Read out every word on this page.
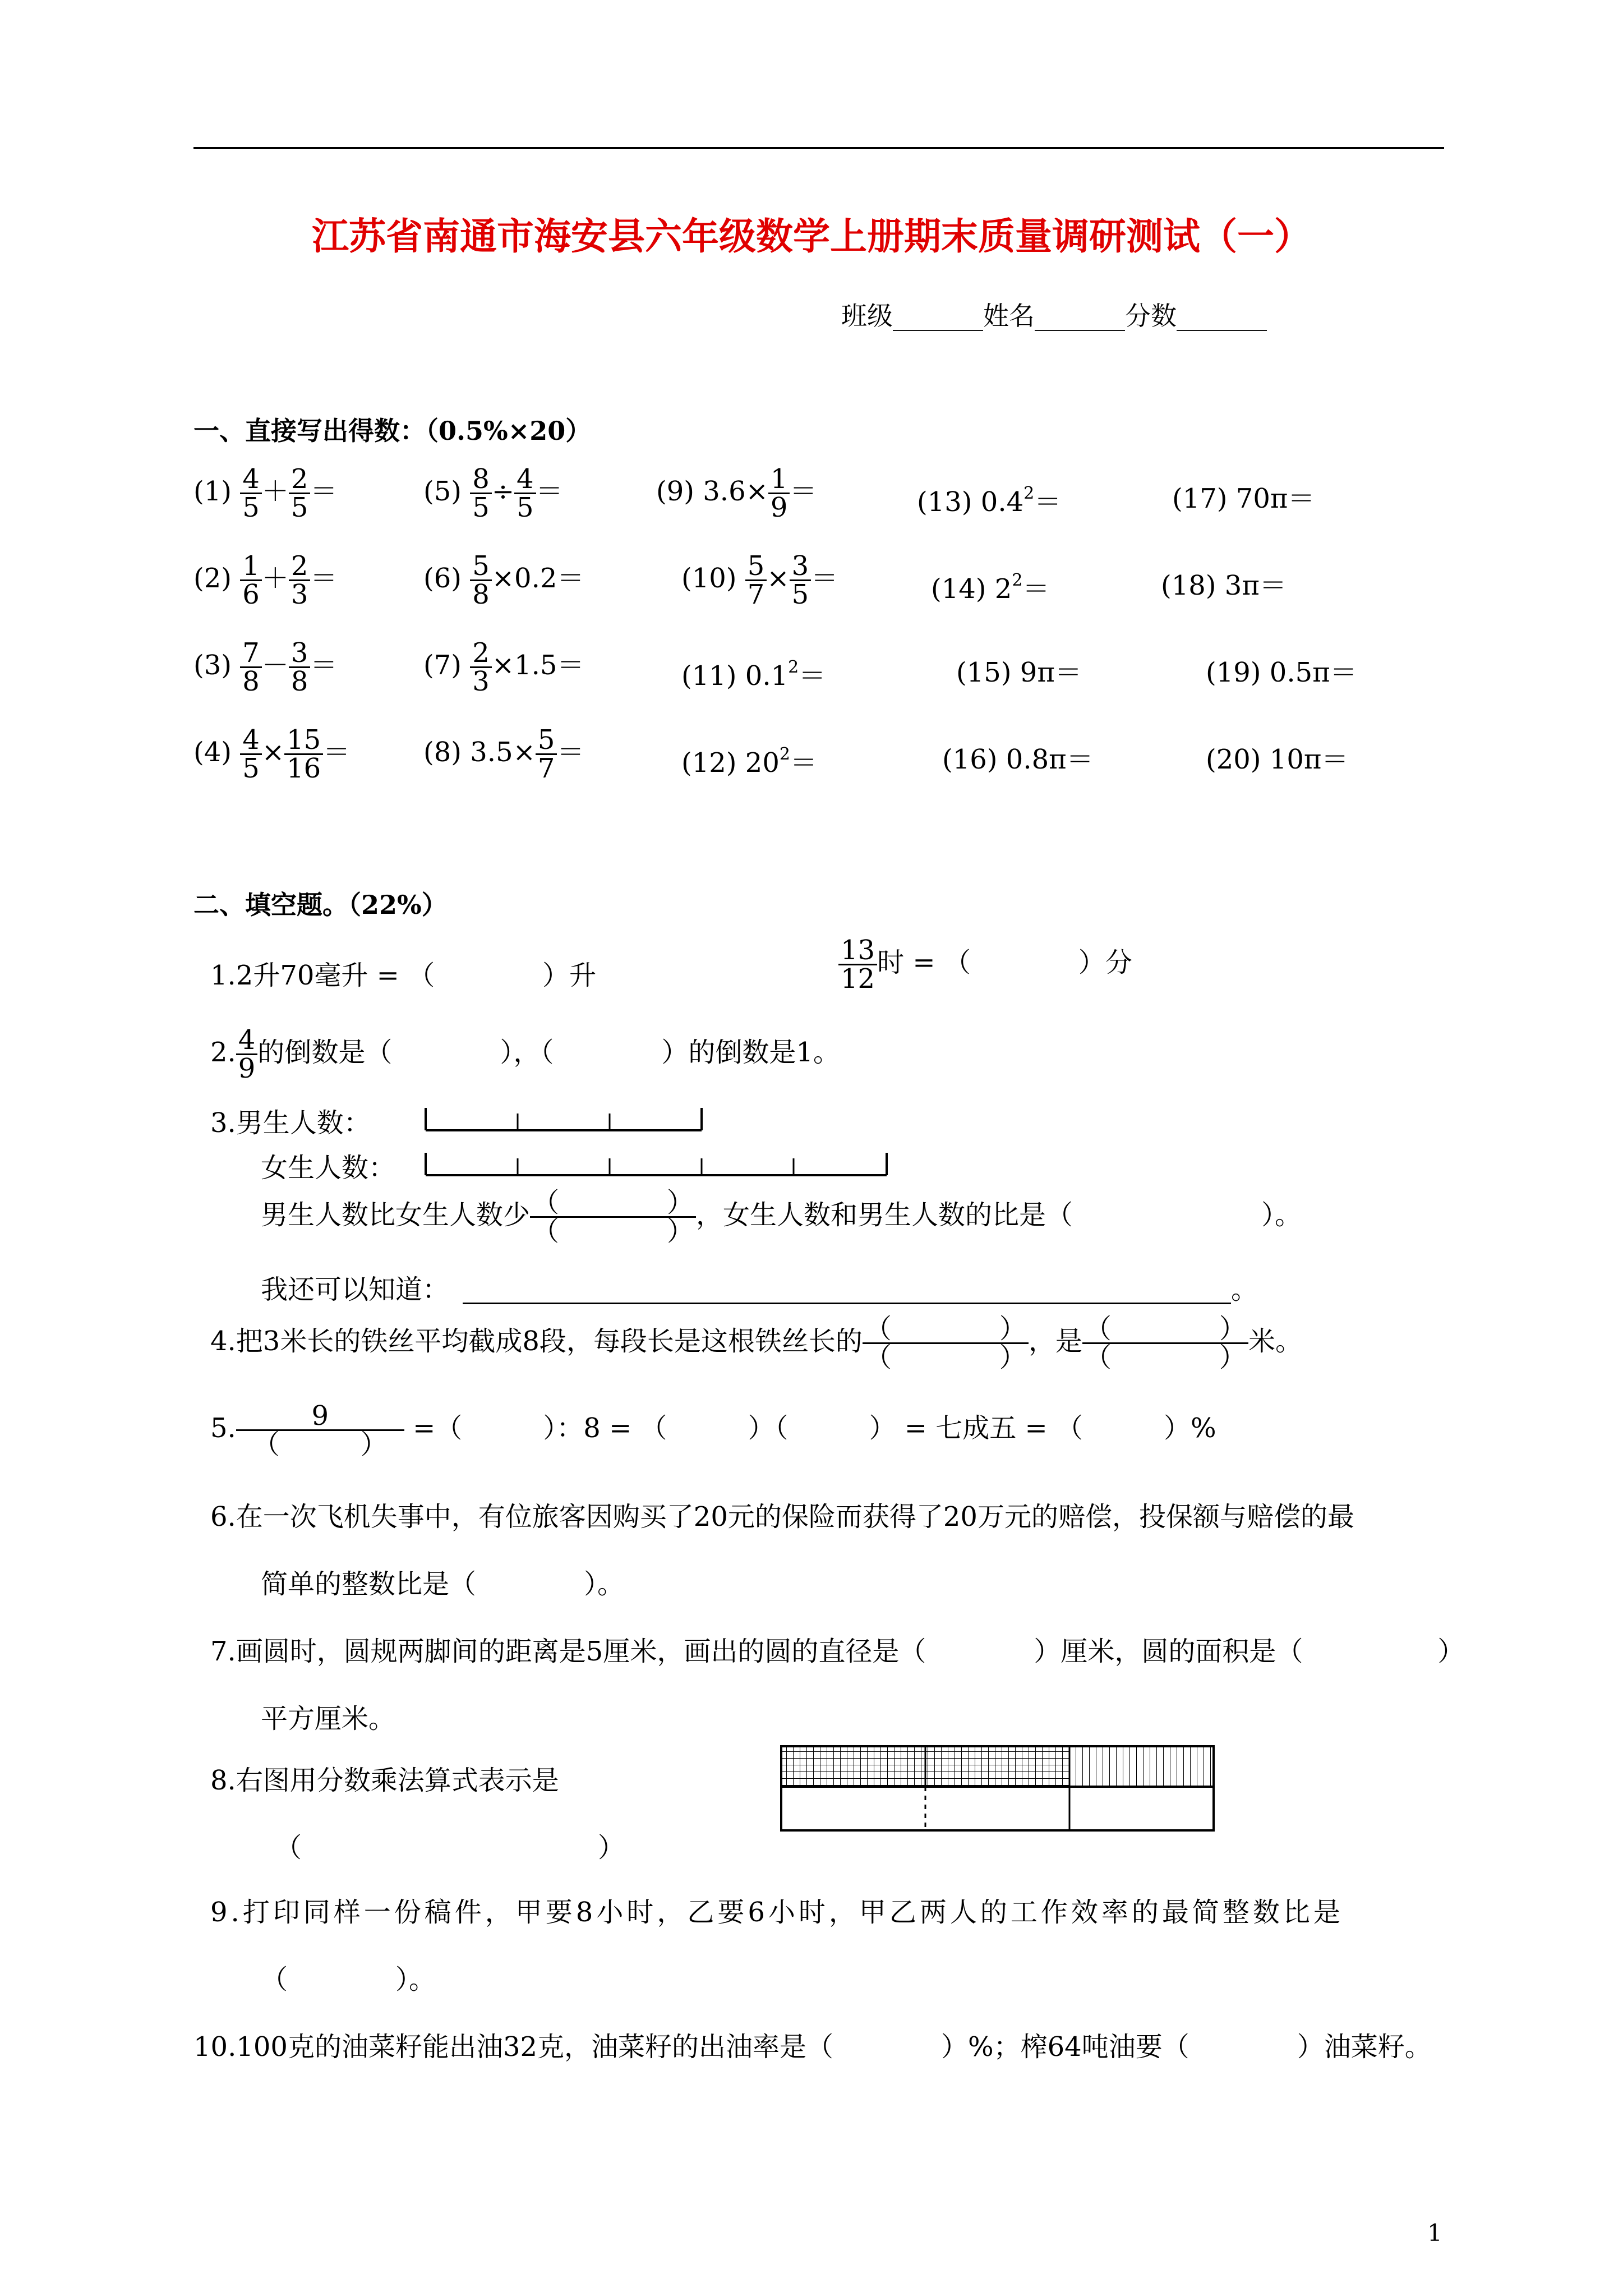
江苏省南通市海安县六年级数学上册期末质量调研测试（一）
班级_______姓名_______分数_______
一、直接写出得数：（0.5%×20）
$(1) \frac{4}{5} + \frac{2}{5}$ ＝
$(2) \frac{1}{6} + \frac{2}{3}$ ＝
$(3) \frac{7}{8} - \frac{3}{8}$ ＝
$(4) \frac{4}{5} \times \frac{15}{16}$ ＝
$(5) \frac{8}{5} \div \frac{4}{5}$ ＝
$(6) \frac{5}{8} \times 0.2=$
$(7) \frac{2}{3} \times 1.5=$
(8) $3.5\times \frac{5}{7}$ ＝
(9) $3.6\times \frac{1}{9}$ ＝
$(10) \frac{5}{7} \times \frac{3}{5}$ ＝
(11) $0.1^2=$
(12) $20^2=$
(13) $0.4^2=$
(14) $2^2=$
(15) 9π＝
(16) 0.8π＝
(17) 70π＝
(18) 3π＝
(19) 0.5π＝
(20) 10π＝
二、填空题。（22%）
1.2升70毫升 = （　　　　）升	$\frac{13}{12}$ 时 = （　　　　）分
2. $\frac{4}{9}$ 的倒数是（　　　　），（　　　　）的倒数是1。
3.男生人数：
女生人数：
男生人数比女生人数少 $\frac{( )}{( )}$ ，女生人数和男生人数的比是（　　　　　　　）。
我还可以知道：	。
4.把3米长的铁丝平均截成8段，每段长是这根铁丝长的 $\frac{( )}{( )}$ ，是 $\frac{( )}{( )}$ 米。
5. $\frac{9}{( )}$ =（　　　）：8 = （　　　）（　　　） = 七成五 = （　　　）%
6.在一次飞机失事中，有位旅客因购买了20元的保险而获得了20万元的赔偿，投保额与赔偿的最
简单的整数比是（　　　　）。
7.画圆时，圆规两脚间的距离是5厘米，画出的圆的直径是（　　　　）厘米，圆的面积是（　　　　　）
平方厘米。
8.右图用分数乘法算式表示是
（　　　　　　　　　　　）
9.打印同样一份稿件，甲要8小时，乙要6小时，甲乙两人的工作效率的最简整数比是
（　　　　）。
10.100克的油菜籽能出油32克，油菜籽的出油率是（　　　　）%；榨64吨油要（　　　　）油菜籽。
1
